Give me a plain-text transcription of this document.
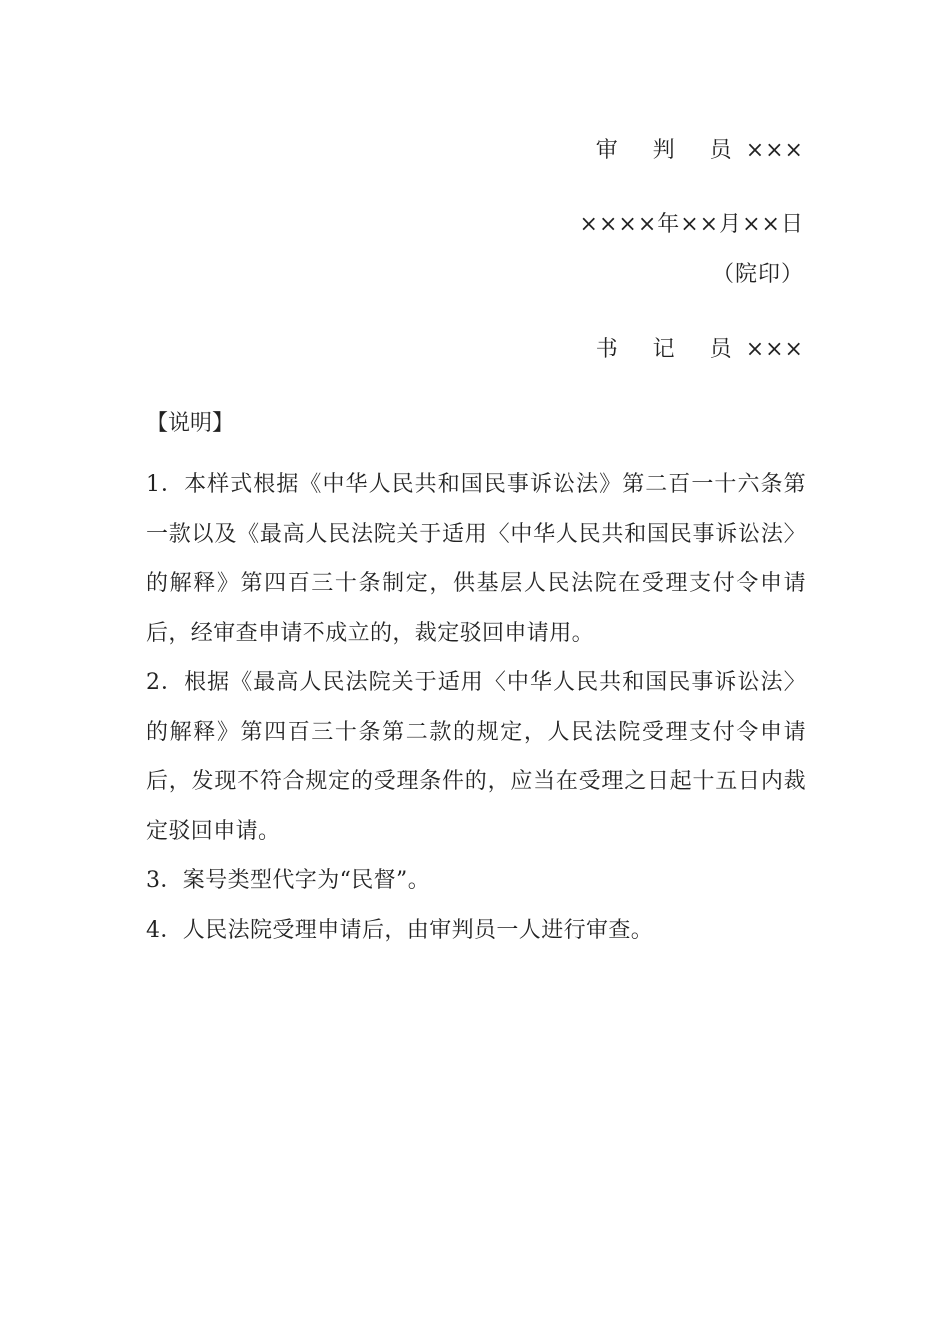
审 判 员×××
××××年××月××日
（院印）
书 记 员×××
【说明】

1．本样式根据《中华人民共和国民事诉讼法》第二百一十六条第一款以及《最高人民法院关于适用〈中华人民共和国民事诉讼法〉的解释》第四百三十条制定，供基层人民法院在受理支付令申请后，经审查申请不成立的，裁定驳回申请用。

2．根据《最高人民法院关于适用〈中华人民共和国民事诉讼法〉的解释》第四百三十条第二款的规定，人民法院受理支付令申请后，发现不符合规定的受理条件的，应当在受理之日起十五日内裁定驳回申请。

3．案号类型代字为“民督”。

4．人民法院受理申请后，由审判员一人进行审查。
